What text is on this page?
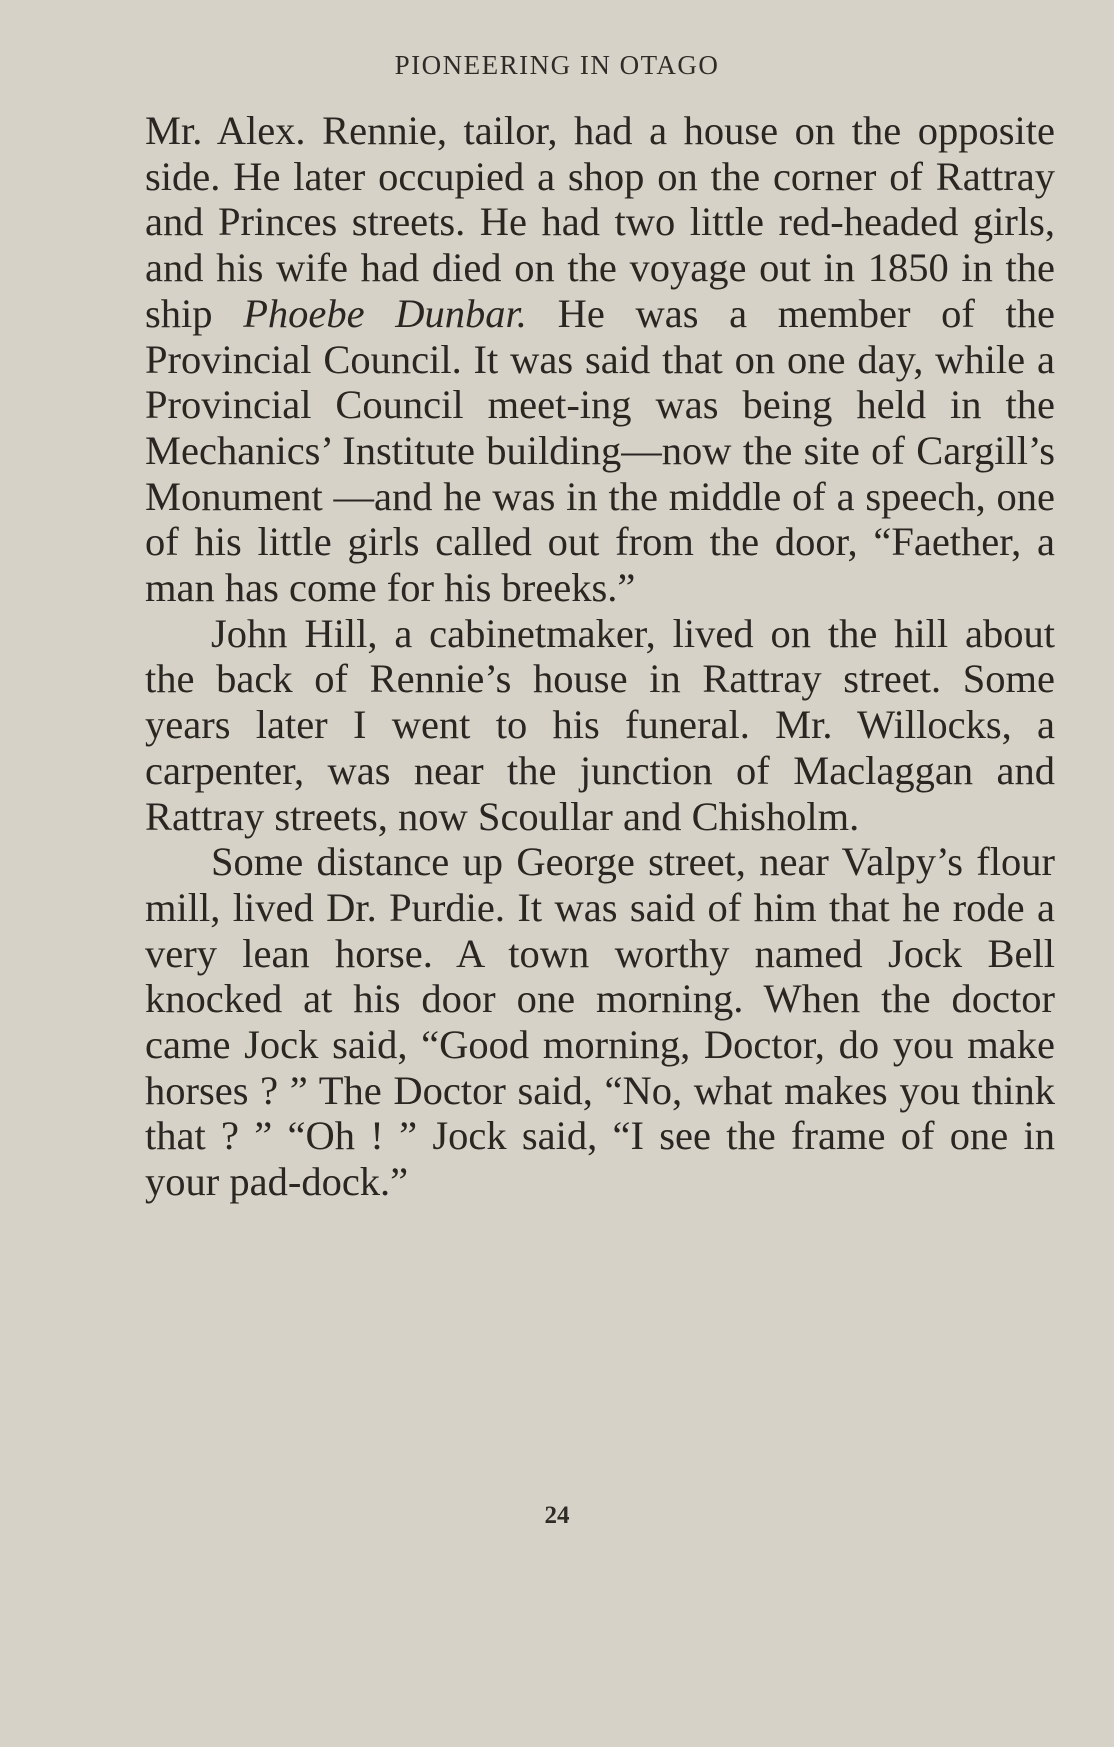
PIONEERING IN OTAGO

Mr. Alex. Rennie, tailor, had a house on the opposite side. He later occupied a shop on the corner of Rattray and Princes streets. He had two little red-headed girls, and his wife had died on the voyage out in 1850 in the ship Phoebe Dunbar. He was a member of the Provincial Council. It was said that on one day, while a Provincial Council meet-ing was being held in the Mechanics’ Institute building—now the site of Cargill’s Monument —and he was in the middle of a speech, one of his little girls called out from the door, “Faether, a man has come for his breeks.”

John Hill, a cabinetmaker, lived on the hill about the back of Rennie’s house in Rattray street. Some years later I went to his funeral. Mr. Willocks, a carpenter, was near the junction of Maclaggan and Rattray streets, now Scoullar and Chisholm.

Some distance up George street, near Valpy’s flour mill, lived Dr. Purdie. It was said of him that he rode a very lean horse. A town worthy named Jock Bell knocked at his door one morning. When the doctor came Jock said, “Good morning, Doctor, do you make horses ? ” The Doctor said, “No, what makes you think that ? ” “Oh ! ” Jock said, “I see the frame of one in your pad-dock.”

24
